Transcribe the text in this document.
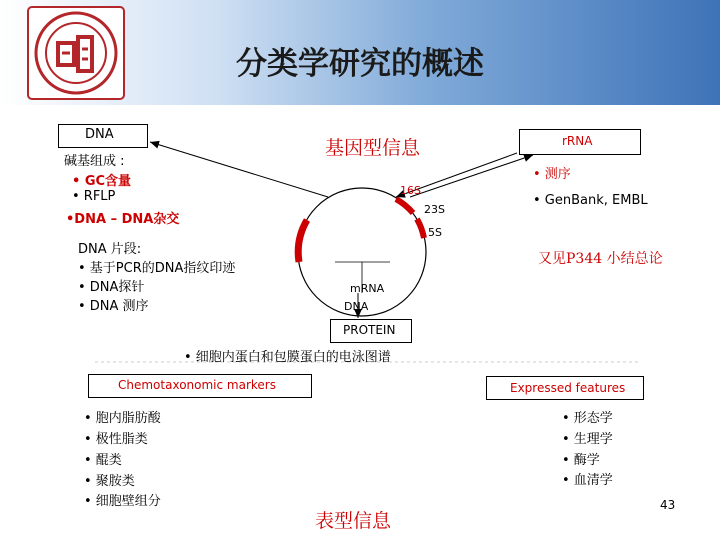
分类学研究的概述
基因型信息
DNA
碱基组成 :
• GC含量
• RFLP
•DNA – DNA杂交
DNA 片段:
• 基于PCR的DNA指纹印迹
• DNA探针
• DNA 测序
rRNA
• 测序
• GenBank, EMBL
又见P344 小结总论
16S
23S
5S
mRNA
DNA
PROTEIN
• 细胞内蛋白和包膜蛋白的电泳图谱
Chemotaxonomic markers
• 胞内脂肪酸
• 极性脂类
• 醌类
• 聚胺类
• 细胞壁组分
Expressed features
• 形态学
• 生理学
• 酶学
• 血清学
表型信息
43
